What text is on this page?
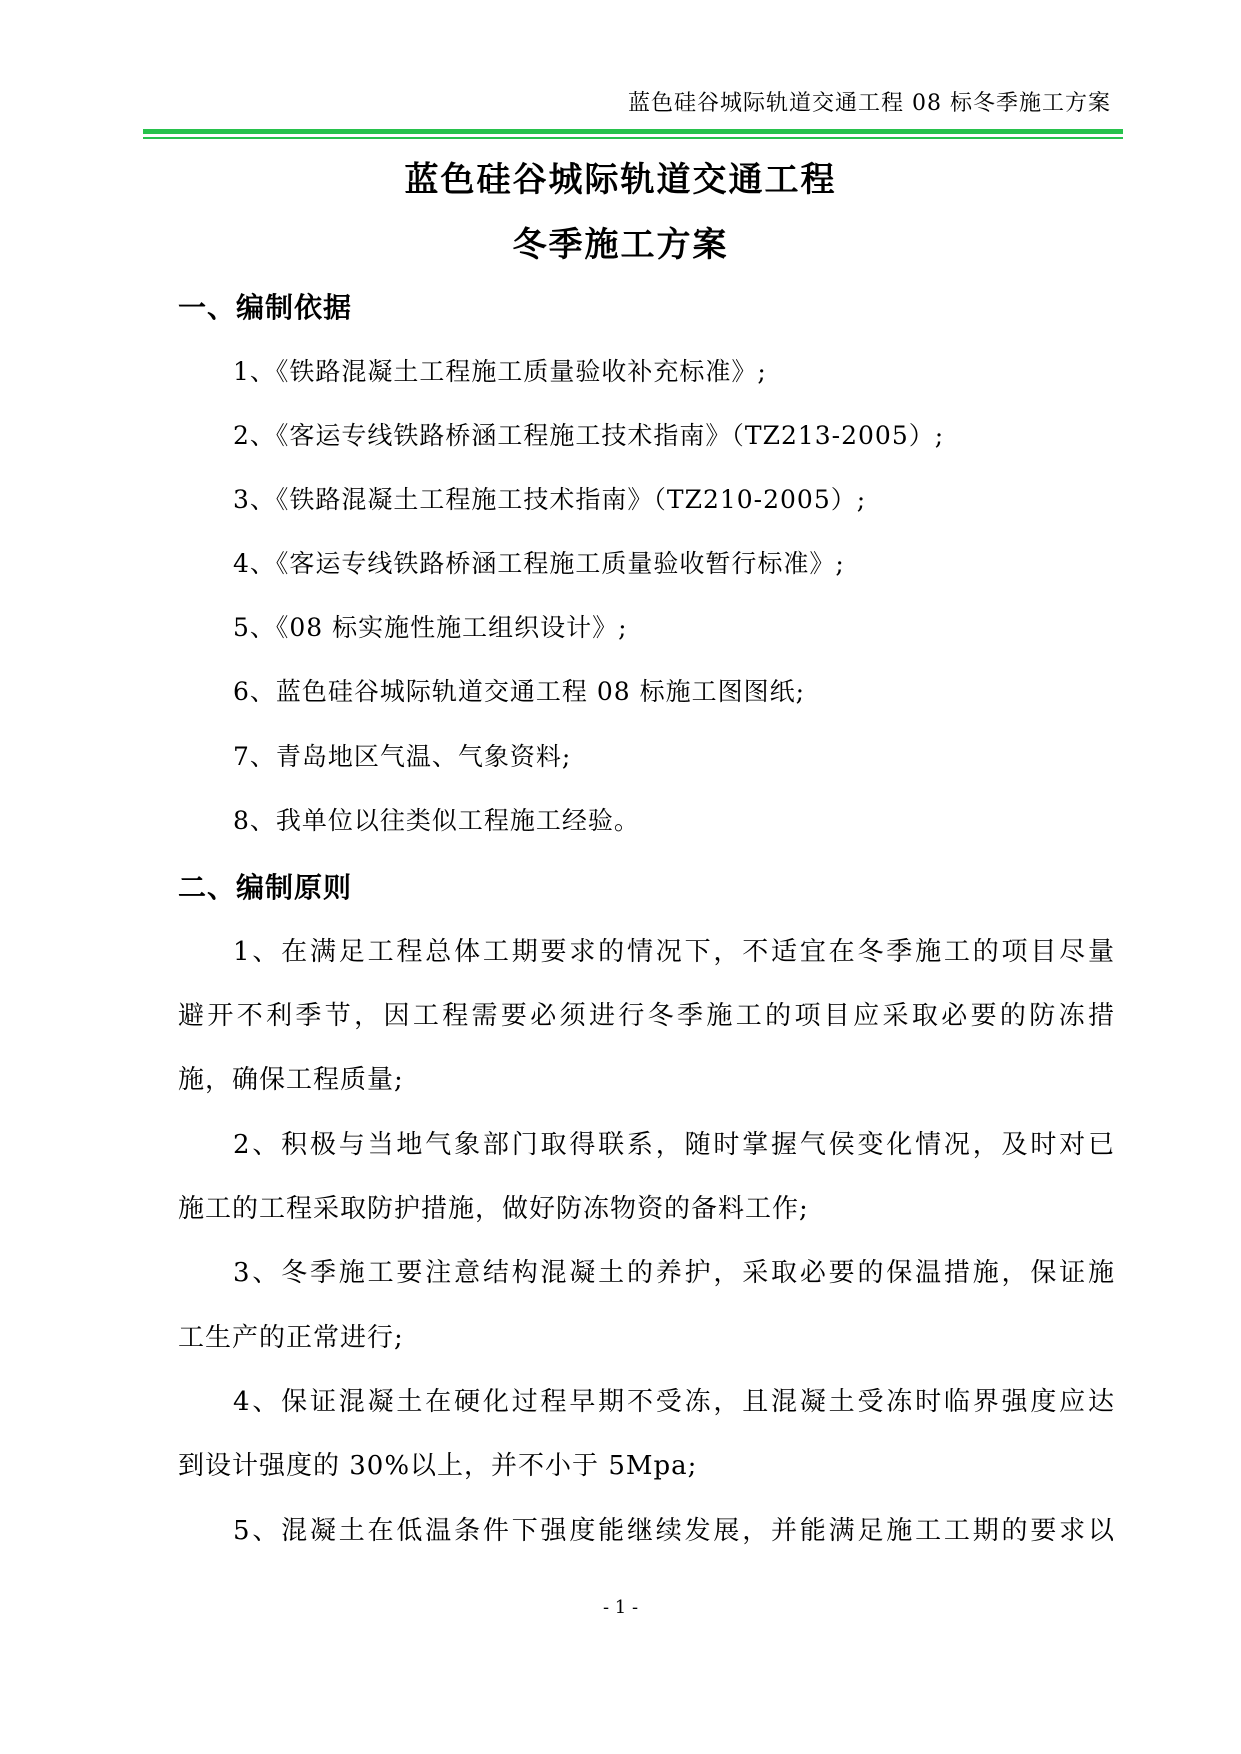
蓝色硅谷城际轨道交通工程 08 标冬季施工方案
蓝色硅谷城际轨道交通工程
冬季施工方案
一、编制依据
1、《铁路混凝土工程施工质量验收补充标准》;
2、《客运专线铁路桥涵工程施工技术指南》（TZ213-2005）;
3、《铁路混凝土工程施工技术指南》（TZ210-2005）;
4、《客运专线铁路桥涵工程施工质量验收暂行标准》;
5、《08 标实施性施工组织设计》;
6、蓝色硅谷城际轨道交通工程 08 标施工图图纸;
7、青岛地区气温、气象资料;
8、我单位以往类似工程施工经验。
二、编制原则
1、在满足工程总体工期要求的情况下，不适宜在冬季施工的项目尽量
避开不利季节，因工程需要必须进行冬季施工的项目应采取必要的防冻措
施，确保工程质量;
2、积极与当地气象部门取得联系，随时掌握气侯变化情况，及时对已
施工的工程采取防护措施，做好防冻物资的备料工作;
3、冬季施工要注意结构混凝土的养护，采取必要的保温措施，保证施
工生产的正常进行;
4、保证混凝土在硬化过程早期不受冻，且混凝土受冻时临界强度应达
到设计强度的 30%以上，并不小于 5Mpa;
5、混凝土在低温条件下强度能继续发展，并能满足施工工期的要求以
- 1 -
